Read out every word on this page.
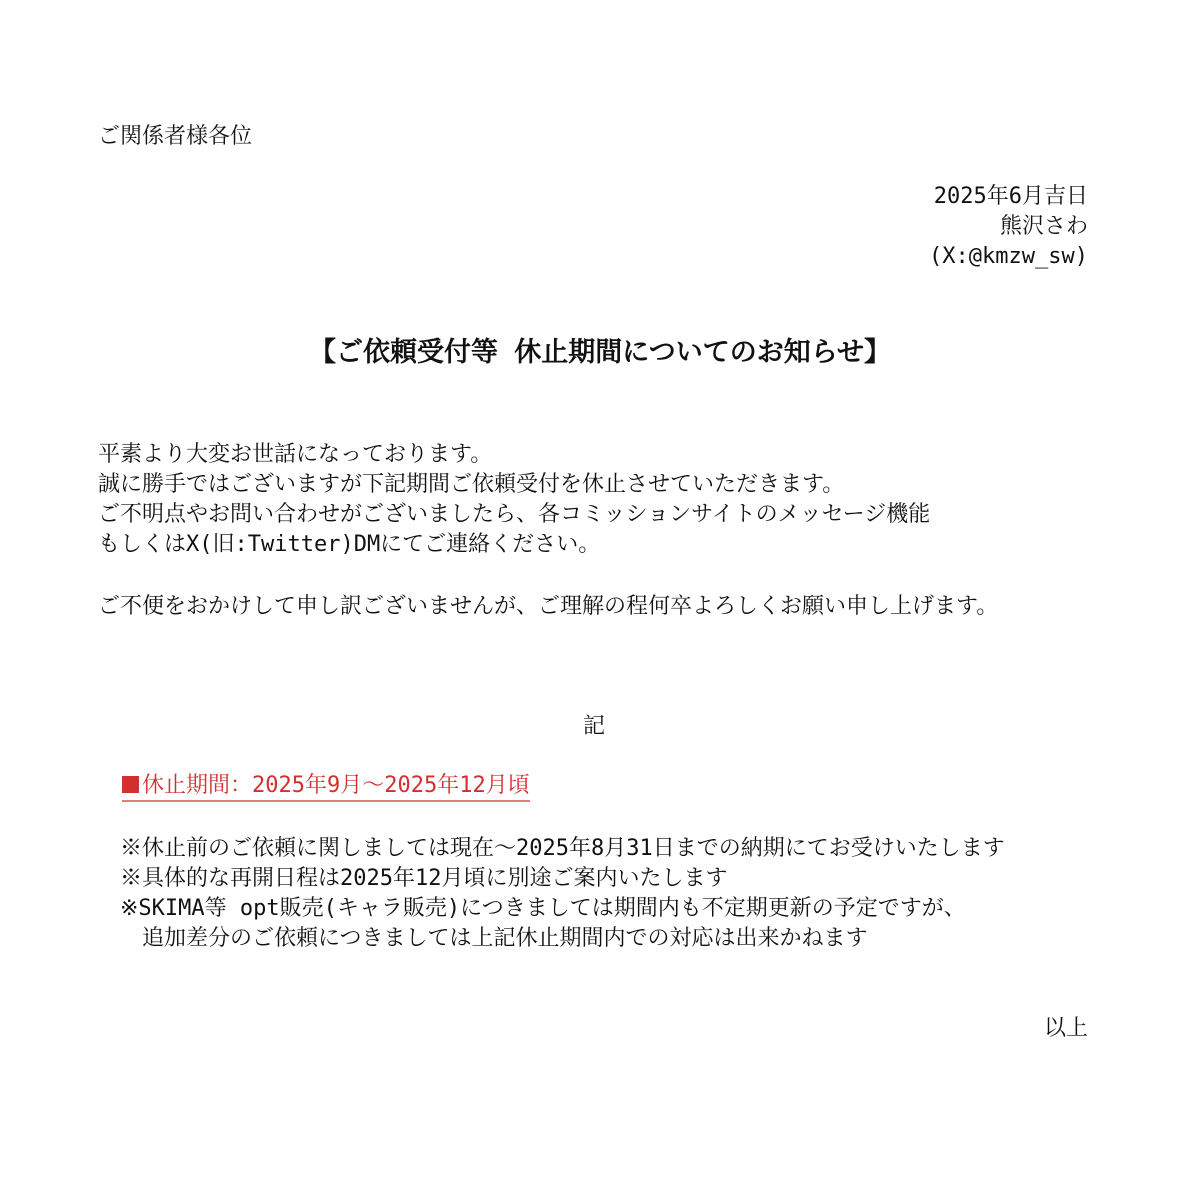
ご関係者様各位
2025年6月吉日
熊沢さわ
(X:@kmzw_sw)
【ご依頼受付等 休止期間についてのお知らせ】
平素より大変お世話になっております。
誠に勝手ではございますが下記期間ご依頼受付を休止させていただきます。
ご不明点やお問い合わせがございましたら、各コミッションサイトのメッセージ機能
もしくはX(旧:Twitter)DMにてご連絡ください。
ご不便をおかけして申し訳ございませんが、ご理解の程何卒よろしくお願い申し上げます。
記
休止期間：2025年9月～2025年12月頃
※休止前のご依頼に関しましては現在～2025年8月31日までの納期にてお受けいたします
※具体的な再開日程は2025年12月頃に別途ご案内いたします
※SKIMA等 opt販売(キャラ販売)につきましては期間内も不定期更新の予定ですが、
　追加差分のご依頼につきましては上記休止期間内での対応は出来かねます
以上
